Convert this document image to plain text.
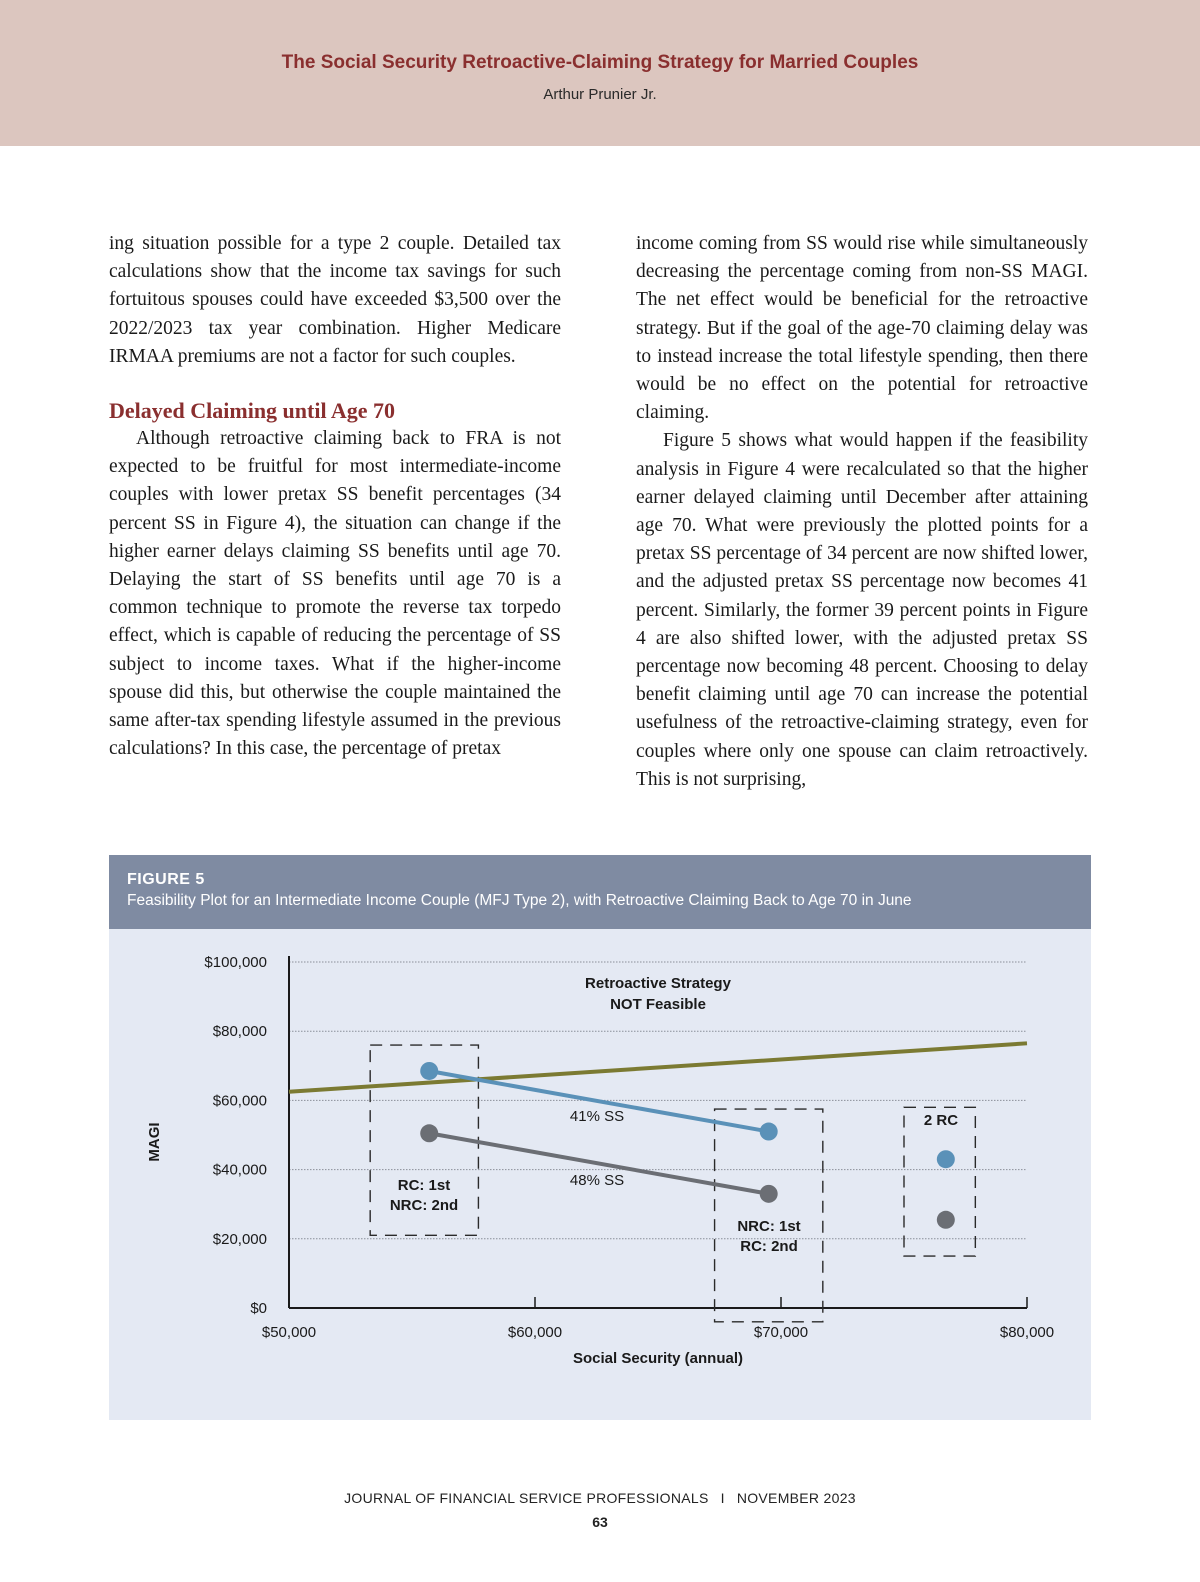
The Social Security Retroactive-Claiming Strategy for Married Couples
Arthur Prunier Jr.

ing situation possible for a type 2 couple. Detailed tax calculations show that the income tax savings for such fortuitous spouses could have exceeded $3,500 over the 2022/2023 tax year combination. Higher Medicare IRMAA premiums are not a factor for such couples.

Delayed Claiming until Age 70

Although retroactive claiming back to FRA is not expected to be fruitful for most intermediate-income couples with lower pretax SS benefit percentages (34 percent SS in Figure 4), the situation can change if the higher earner delays claiming SS benefits until age 70. Delaying the start of SS benefits until age 70 is a common technique to promote the reverse tax torpedo effect, which is capable of reducing the percentage of SS subject to income taxes. What if the higher-income spouse did this, but otherwise the couple maintained the same after-tax spending lifestyle assumed in the previous calculations? In this case, the percentage of pretax

income coming from SS would rise while simultaneously decreasing the percentage coming from non-SS MAGI. The net effect would be beneficial for the retroactive strategy. But if the goal of the age-70 claiming delay was to instead increase the total lifestyle spending, then there would be no effect on the potential for retroactive claiming.

Figure 5 shows what would happen if the feasibility analysis in Figure 4 were recalculated so that the higher earner delayed claiming until December after attaining age 70. What were previously the plotted points for a pretax SS percentage of 34 percent are now shifted lower, and the adjusted pretax SS percentage now becomes 41 percent. Similarly, the former 39 percent points in Figure 4 are also shifted lower, with the adjusted pretax SS percentage now becoming 48 percent. Choosing to delay benefit claiming until age 70 can increase the potential usefulness of the retroactive-claiming strategy, even for couples where only one spouse can claim retroactively. This is not surprising,

FIGURE 5
Feasibility Plot for an Intermediate Income Couple (MFJ Type 2), with Retroactive Claiming Back to Age 70 in June
$0
$20,000
$40,000
$60,000
$80,000
$100,000
$50,000	$60,000	$70,000	$80,000
Retroactive Strategy
NOT Feasible
41% SS
48% SS
RC: 1st
NRC: 2nd
NRC: 1st
RC: 2nd
2 RC
Social Security (annual)
MAGI
JOURNAL OF FINANCIAL SERVICE PROFESSIONALS I NOVEMBER 2023
63
